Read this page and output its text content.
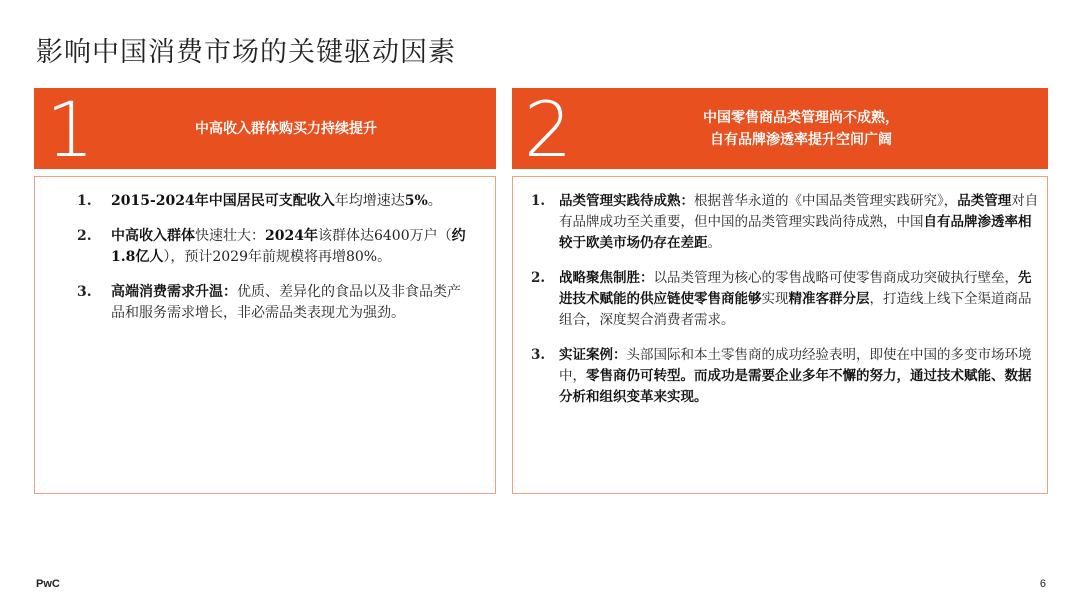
影响中国消费市场的关键驱动因素
1	中高收入群体购买力持续提升
1.	2015-2024年中国居民可支配收入年均增速达5%。
2.	中高收入群体快速壮大：2024年该群体达6400万户（约1.8亿人），预计2029年前规模将再增80%。
3.	高端消费需求升温：优质、差异化的食品以及非食品类产品和服务需求增长，非必需品类表现尤为强劲。
2	中国零售商品类管理尚不成熟，
自有品牌渗透率提升空间广阔
1.	品类管理实践待成熟：根据普华永道的《中国品类管理实践研究》，品类管理对自有品牌成功至关重要，但中国的品类管理实践尚待成熟，中国自有品牌渗透率相较于欧美市场仍存在差距。
2.	战略聚焦制胜：以品类管理为核心的零售战略可使零售商成功突破执行壁垒，先进技术赋能的供应链使零售商能够实现精准客群分层，打造线上线下全渠道商品组合，深度契合消费者需求。
3.	实证案例：头部国际和本土零售商的成功经验表明，即使在中国的多变市场环境中，零售商仍可转型。而成功是需要企业多年不懈的努力，通过技术赋能、数据分析和组织变革来实现。
PwC	6
